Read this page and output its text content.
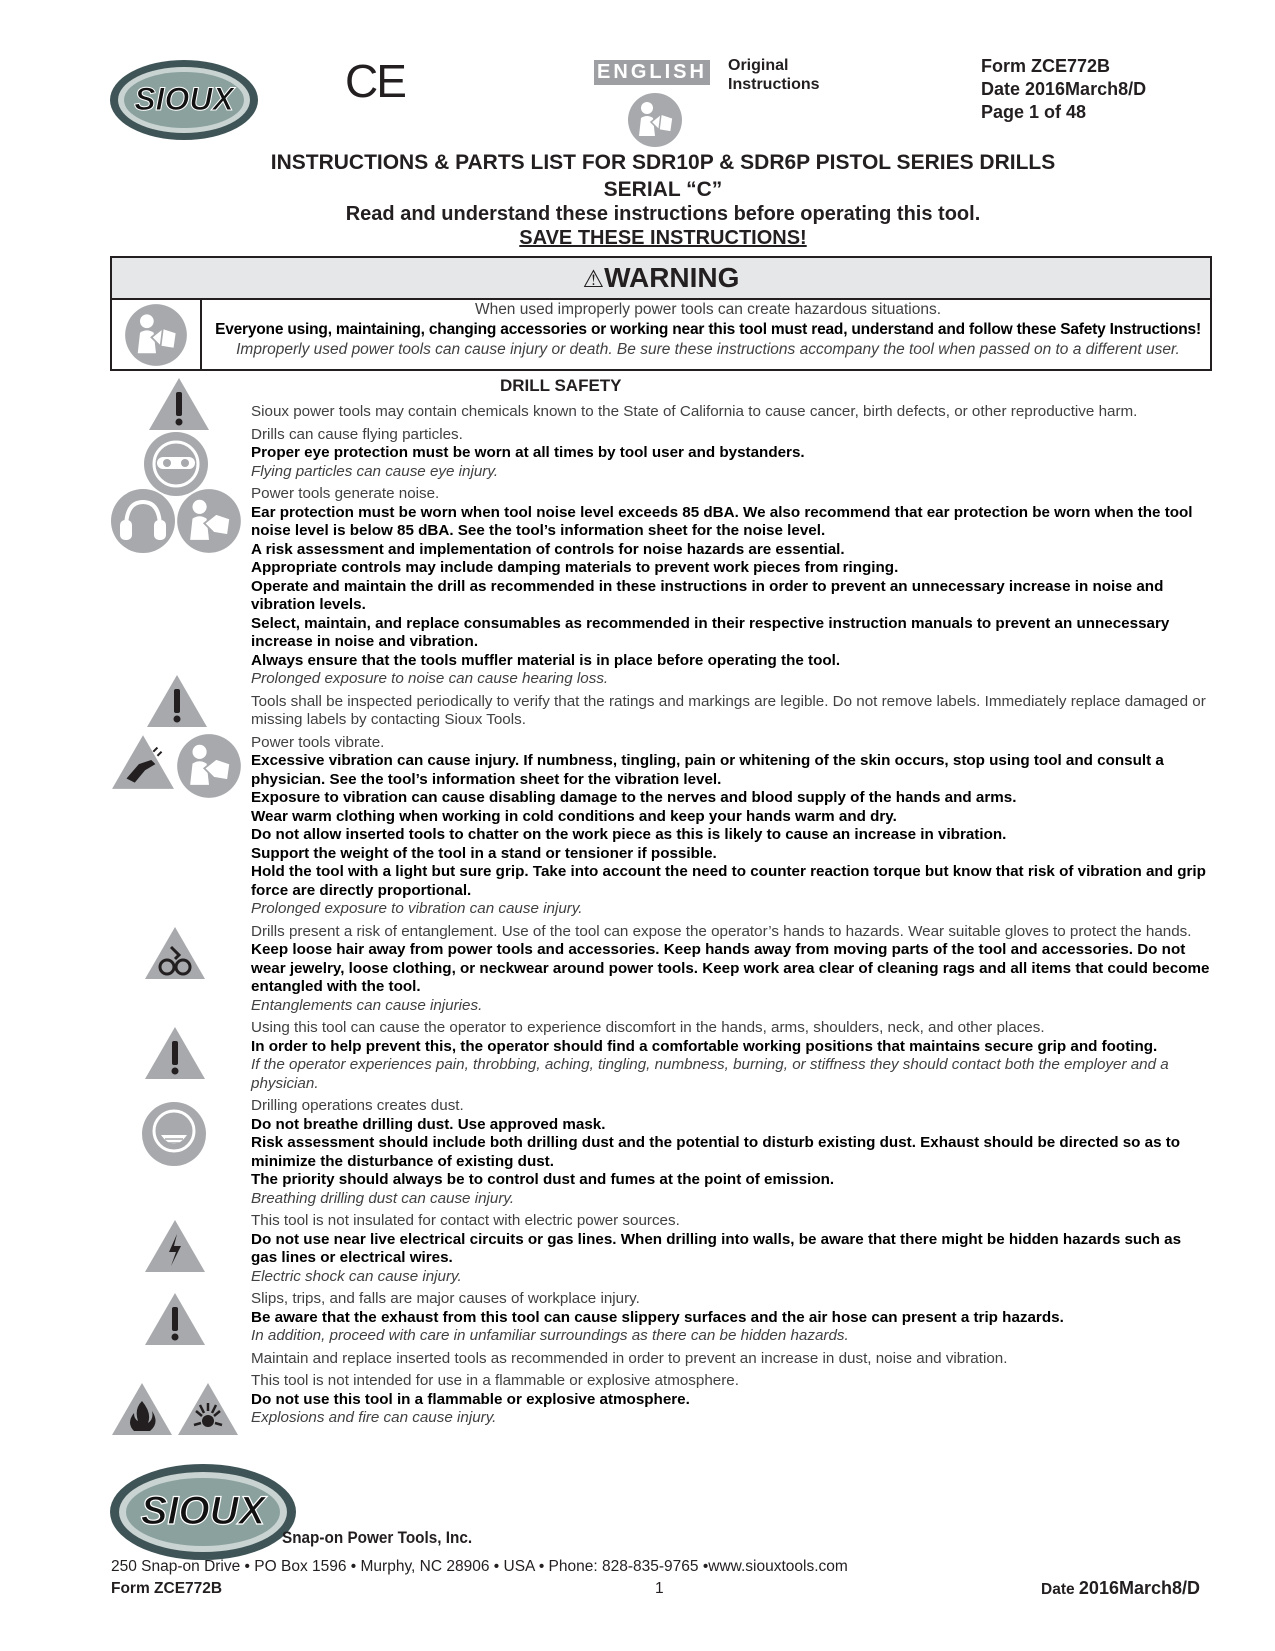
SIOUX CE	ENGLISH Original
Instructions
Form ZCE772B
Date 2016March8/D
Page 1 of 48
INSTRUCTIONS & PARTS LIST FOR SDR10P & SDR6P PISTOL SERIES DRILLS
SERIAL “C”
Read and understand these instructions before operating this tool.
SAVE THESE INSTRUCTIONS!
⚠WARNING
When used improperly power tools can create hazardous situations.
Everyone using, maintaining, changing accessories or working near this tool must read, understand and follow these Safety Instructions!
Improperly used power tools can cause injury or death. Be sure these instructions accompany the tool when passed on to a different user.
DRILL SAFETY

Sioux power tools may contain chemicals known to the State of California to cause cancer, birth defects, or other reproductive harm.

Drills can cause flying particles.

Proper eye protection must be worn at all times by tool user and bystanders.

Flying particles can cause eye injury.

Power tools generate noise.

Ear protection must be worn when tool noise level exceeds 85 dBA. We also recommend that ear protection be worn when the tool noise level is below 85 dBA. See the tool’s information sheet for the noise level.

A risk assessment and implementation of controls for noise hazards are essential.

Appropriate controls may include damping materials to prevent work pieces from ringing.

Operate and maintain the drill as recommended in these instructions in order to prevent an unnecessary increase in noise and vibration levels.

Select, maintain, and replace consumables as recommended in their respective instruction manuals to prevent an unnecessary increase in noise and vibration.

Always ensure that the tools muffler material is in place before operating the tool.

Prolonged exposure to noise can cause hearing loss.

Tools shall be inspected periodically to verify that the ratings and markings are legible. Do not remove labels. Immediately replace damaged or missing labels by contacting Sioux Tools.

Power tools vibrate.

Excessive vibration can cause injury. If numbness, tingling, pain or whitening of the skin occurs, stop using tool and consult a physician. See the tool’s information sheet for the vibration level.

Exposure to vibration can cause disabling damage to the nerves and blood supply of the hands and arms.

Wear warm clothing when working in cold conditions and keep your hands warm and dry.

Do not allow inserted tools to chatter on the work piece as this is likely to cause an increase in vibration.

Support the weight of the tool in a stand or tensioner if possible.

Hold the tool with a light but sure grip. Take into account the need to counter reaction torque but know that risk of vibration and grip force are directly proportional.

Prolonged exposure to vibration can cause injury.

Drills present a risk of entanglement. Use of the tool can expose the operator’s hands to hazards. Wear suitable gloves to protect the hands.

Keep loose hair away from power tools and accessories. Keep hands away from moving parts of the tool and accessories. Do not wear jewelry, loose clothing, or neckwear around power tools. Keep work area clear of cleaning rags and all items that could become entangled with the tool.

Entanglements can cause injuries.

Using this tool can cause the operator to experience discomfort in the hands, arms, shoulders, neck, and other places.

In order to help prevent this, the operator should find a comfortable working positions that maintains secure grip and footing.

If the operator experiences pain, throbbing, aching, tingling, numbness, burning, or stiffness they should contact both the employer and a physician.

Drilling operations creates dust.

Do not breathe drilling dust. Use approved mask.

Risk assessment should include both drilling dust and the potential to disturb existing dust. Exhaust should be directed so as to minimize the disturbance of existing dust.

The priority should always be to control dust and fumes at the point of emission.

Breathing drilling dust can cause injury.

This tool is not insulated for contact with electric power sources.

Do not use near live electrical circuits or gas lines. When drilling into walls, be aware that there might be hidden hazards such as gas lines or electrical wires.

Electric shock can cause injury.

Slips, trips, and falls are major causes of workplace injury.

Be aware that the exhaust from this tool can cause slippery surfaces and the air hose can present a trip hazards.

In addition, proceed with care in unfamiliar surroundings as there can be hidden hazards.

Maintain and replace inserted tools as recommended in order to prevent an increase in dust, noise and vibration.

This tool is not intended for use in a flammable or explosive atmosphere.

Do not use this tool in a flammable or explosive atmosphere.

Explosions and fire can cause injury.

SIOUX
Snap-on Power Tools, Inc.
250 Snap-on Drive • PO Box 1596 • Murphy, NC 28906 • USA • Phone: 828-835-9765 •www.siouxtools.com
Form ZCE772B	1	Date 2016March8/D
